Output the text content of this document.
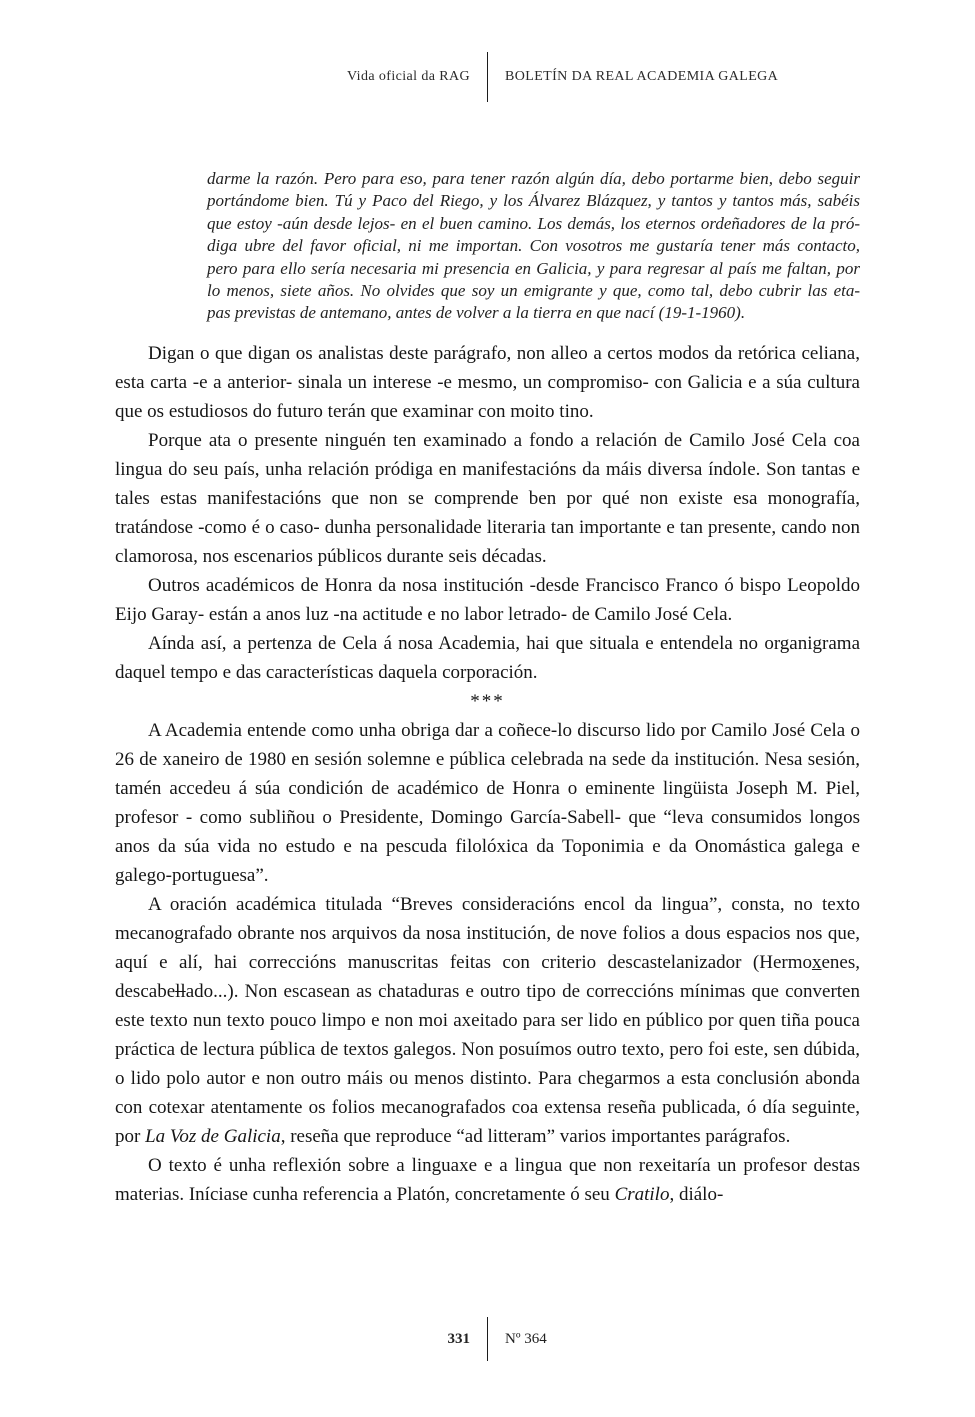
Vida oficial da RAG	BOLETÍN DA REAL ACADEMIA GALEGA
darme la razón. Pero para eso, para tener razón algún día, debo portarme bien, debo seguir
portándome bien. Tú y Paco del Riego, y los Álvarez Blázquez, y tantos y tantos más, sabéis
que estoy -aún desde lejos- en el buen camino. Los demás, los eternos ordeñadores de la pró-
diga ubre del favor oficial, ni me importan. Con vosotros me gustaría tener más contacto,
pero para ello sería necesaria mi presencia en Galicia, y para regresar al país me faltan, por
lo menos, siete años. No olvides que soy un emigrante y que, como tal, debo cubrir las eta-
pas previstas de antemano, antes de volver a la tierra en que nací (19-1-1960).

Digan o que digan os analistas deste parágrafo, non alleo a certos modos da retórica celiana, esta carta -e a anterior- sinala un interese -e mesmo, un compromiso- con Galicia e a súa cultura que os estudiosos do futuro terán que examinar con moito tino.

Porque ata o presente ninguén ten examinado a fondo a relación de Camilo José Cela coa lingua do seu país, unha relación pródiga en manifestacións da máis diversa índole. Son tantas e tales estas manifestacións que non se comprende ben por qué non existe esa monografía, tratándose -como é o caso- dunha personalidade literaria tan importante e tan presente, cando non clamorosa, nos escenarios públicos durante seis décadas.

Outros académicos de Honra da nosa institución -desde Francisco Franco ó bispo Leopoldo Eijo Garay- están a anos luz -na actitude e no labor letrado- de Camilo José Cela.

Aínda así, a pertenza de Cela á nosa Academia, hai que situala e entendela no organigrama daquel tempo e das características daquela corporación.

***

A Academia entende como unha obriga dar a coñece-lo discurso lido por Camilo José Cela o 26 de xaneiro de 1980 en sesión solemne e pública celebrada na sede da institución. Nesa sesión, tamén accedeu á súa condición de académico de Honra o eminente lingüista Joseph M. Piel, profesor - como subliñou o Presidente, Domingo García-Sabell- que “leva consumidos longos anos da súa vida no estudo e na pescuda filolóxica da Toponimia e da Onomástica galega e galego-portuguesa”.

A oración académica titulada “Breves consideracións encol da lingua”, consta, no texto mecanografado obrante nos arquivos da nosa institución, de nove folios a dous espacios nos que, aquí e alí, hai correccións manuscritas feitas con criterio descastelanizador (Hermoxenes, descabellado...). Non escasean as chataduras e outro tipo de correccións mínimas que converten este texto nun texto pouco limpo e non moi axeitado para ser lido en público por quen tiña pouca práctica de lectura pública de textos galegos. Non posuímos outro texto, pero foi este, sen dúbida, o lido polo autor e non outro máis ou menos distinto. Para chegarmos a esta conclusión abonda con cotexar atentamente os folios mecanografados coa extensa reseña publicada, ó día seguinte, por La Voz de Galicia, reseña que reproduce “ad litteram” varios importantes parágrafos.

O texto é unha reflexión sobre a linguaxe e a lingua que non rexeitaría un profesor destas materias. Iníciase cunha referencia a Platón, concretamente ó seu Cratilo, diálo-

331	Nº 364
